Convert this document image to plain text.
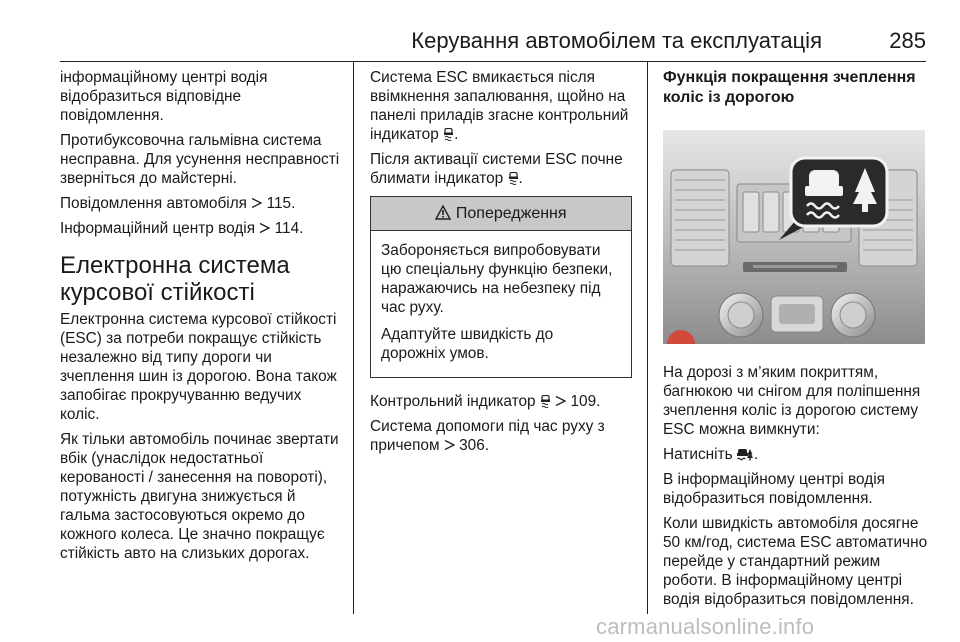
Керування автомобілем та експлуатація	285

інформаційному центрі водія відобразиться відповідне повідомлення.

Протибуксовочна гальмівна система несправна. Для усунення несправності зверніться до майстерні.

Повідомлення автомобіля 115.

Інформаційний центр водія 114.

Електронна система курсової стійкості

Електронна система курсової стійкості (ESC) за потреби покращує стійкість незалежно від типу дороги чи зчеплення шин із дорогою. Вона також запобігає прокручуванню ведучих коліс.

Як тільки автомобіль починає звертати вбік (унаслідок недостатньої керованості / занесення на повороті), потужність двигуна знижується й гальма застосовуються окремо до кожного колеса. Це значно покращує стійкість авто на слизьких дорогах.

Система ESC вмикається після ввімкнення запалювання, щойно на панелі приладів згасне контрольний індикатор .

Після активації системи ESC почне блимати індикатор .

Попередження

Забороняється випробовувати цю спеціальну функцію безпеки, наражаючись на небезпеку під час руху.

Адаптуйте швидкість до дорожніх умов.

Контрольний індикатор 109.

Система допомоги під час руху з причепом 306.

Функція покращення зчеплення коліс із дорогою

На дорозі з м’яким покриттям, багнюкою чи снігом для поліпшення зчеплення коліс із дорогою систему ESC можна вимкнути:

Натисніть .

В інформаційному центрі водія відобразиться повідомлення.

Коли швидкість автомобіля досягне 50 км/год, система ESC автоматично перейде у стандартний режим роботи. В інформаційному центрі водія відобразиться повідомлення.

carmanualsonline.info
